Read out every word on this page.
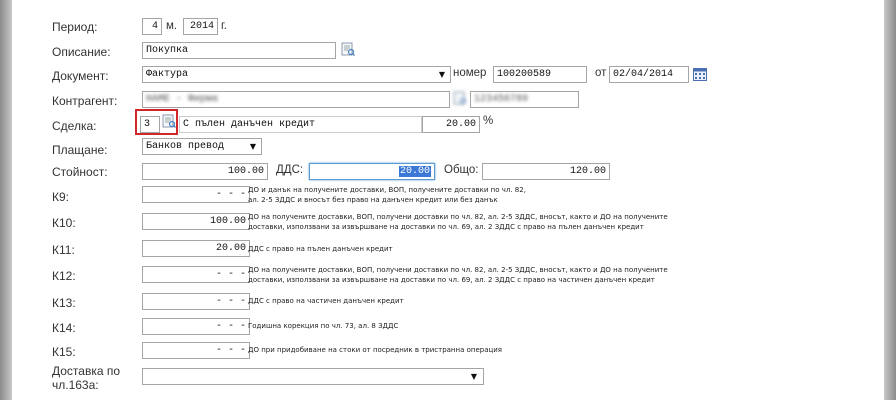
Период:	4 м.	2014 г.
Описание:	Покупка
Документ:	Фактура	▼ номер	100200589	от 02/04/2014
Контрагент:	НАМЕ - Фирма	123456789
Сделка:	3	С пълен данъчен кредит	20.00 %
Плащане:	Банков превод	▼
Стойност:	100.00	ДДС:	20.00	Общо:	120.00
К9:	- - - ДО и данък на получените доставки, ВОП, получените доставки по чл. 82,
ал. 2-5 ЗДДС и вносът без право на данъчен кредит или без данък
К10:	100.00 ДО на получените доставки, ВОП, получени доставки по чл. 82, ал. 2-5 ЗДДС, вносът, както и ДО на получените
доставки, използвани за извършване на доставки по чл. 69, ал. 2 ЗДДС с право на пълен данъчен кредит
К11:	20.00 ДДС с право на пълен данъчен кредит
К12:	- - - ДО на получените доставки, ВОП, получени доставки по чл. 82, ал. 2-5 ЗДДС, вносът, както и ДО на получените
доставки, използвани за извършване на доставки по чл. 69, ал. 2 ЗДДС с право на частичен данъчен кредит
К13:	- - - ДДС с право на частичен данъчен кредит
К14:	- - - Годишна корекция по чл. 73, ал. 8 ЗДДС
К15:	- - - ДО при придобиване на стоки от посредник в тристранна операция
Доставка по
чл.163а:
▼
